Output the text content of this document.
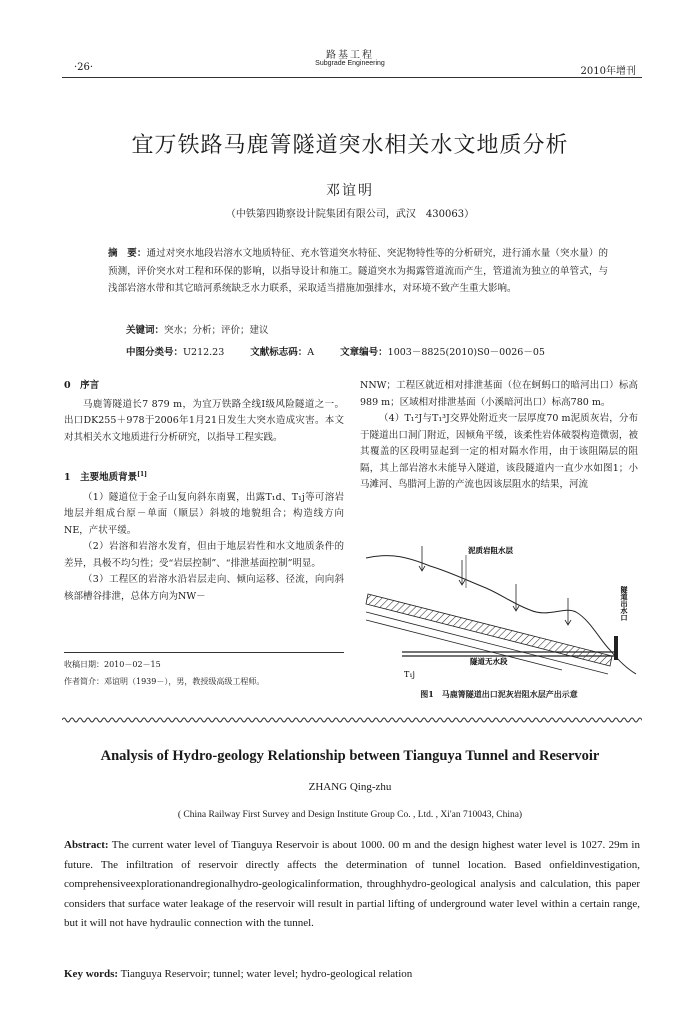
·26·
路基工程
Subgrade Engineering
2010年增刊
宜万铁路马鹿箐隧道突水相关水文地质分析
邓谊明
（中铁第四勘察设计院集团有限公司，武汉　430063）
摘　要：通过对突水地段岩溶水文地质特征、充水管道突水特征、突泥物特性等的分析研究，进行涌水量（突水量）的预测，评价突水对工程和环保的影响，以指导设计和施工。隧道突水为揭露管道流而产生，管道流为独立的单管式，与浅部岩溶水带和其它暗河系统缺乏水力联系，采取适当措施加强排水，对环境不致产生重大影响。
关键词：突水；分析；评价；建议
中图分类号：U212.23	文献标志码：A	文章编号：1003－8825(2010)S0－0026－05
0　序言
马鹿箐隧道长7 879 m，为宜万铁路全线Ⅰ级风险隧道之一。出口DK255＋978于2006年1月21日发生大突水造成灾害。本文对其相关水文地质进行分析研究，以指导工程实践。
1　主要地质背景[1]
（1）隧道位于金子山复向斜东南翼，出露T₁d、T₁j等可溶岩地层并组成台原－单面（顺层）斜坡的地貌组合；构造线方向NE，产状平缓。
（2）岩溶和岩溶水发育，但由于地层岩性和水文地质条件的差异，具极不均匀性；受“岩层控制”、“排泄基面控制”明显。
（3）工程区的岩溶水沿岩层走向、倾向运移、径流，向向斜核部槽谷排泄，总体方向为NW－
收稿日期：2010－02－15
作者简介：邓谊明（1939－），男，教授级高级工程师。
NNW；工程区就近相对排泄基面（位在蚵蚂口的暗河出口）标高989 m；区域相对排泄基面（小溪暗河出口）标高780 m。
（4）T₁²J与T₁³J交界处附近夹一层厚度70 m泥质灰岩，分布于隧道出口洞门附近，因倾角平缓，该柔性岩体破裂构造微弱，被其覆盖的区段明显起到一定的相对隔水作用，由于该阻隔层的阻隔，其上部岩溶水未能导入隧道，该段隧道内一直少水如图1；小马滩河、鸟腊河上游的产流也因该层阻水的结果，河流
泥质岩阻水层
隧道出水口
T₁j
隧道无水段
图1　马鹿箐隧道出口泥灰岩阻水层产出示意
Analysis of Hydro-geology Relationship between Tianguya Tunnel and Reservoir
ZHANG Qing-zhu
( China Railway First Survey and Design Institute Group Co. , Ltd. , Xi'an 710043, China)
Abstract: The current water level of Tianguya Reservoir is about 1000. 00 m and the design highest water level is 1027. 29m in future. The infiltration of reservoir directly affects the determination of tunnel location. Based onfieldinvestigation, comprehensiveexplorationandregionalhydro-geologicalinformation, throughhydro-geological analysis and calculation, this paper considers that surface water leakage of the reservoir will result in partial lifting of underground water level within a certain range, but it will not have hydraulic connection with the tunnel.
Key words: Tianguya Reservoir; tunnel; water level; hydro-geological relation
